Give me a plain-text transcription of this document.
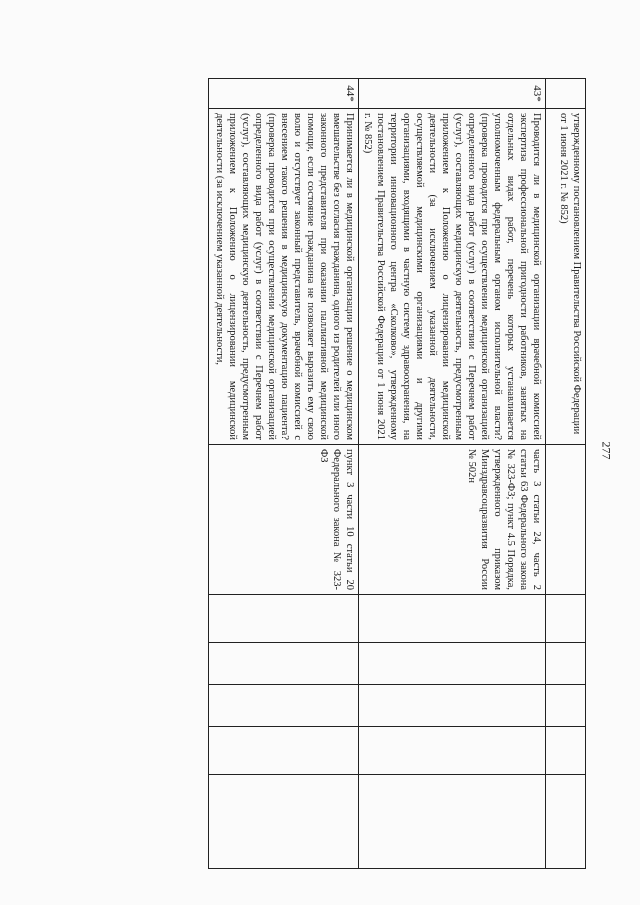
277
	утвержденному постановлением Правительства Российской Федерации от 1 июня 2021 г. № 852)						
43*	Проводится ли в медицинской организации врачебной комиссией экспертиза профессиональной пригодности работников, занятых на отдельных видах работ, перечень которых устанавливается уполномоченным федеральным органом исполнительной власти? (проверка проводится при осуществлении медицинской организацией определенного вида работ (услуг) в соответствии с Перечнем работ (услуг), составляющих медицинскую деятельность, предусмотренным приложением к Положению о лицензировании медицинской деятельности (за исключением указанной деятельности, осуществляемой медицинскими организациями и другими организациями, входящими в частную систему здравоохранения, на территории инновационного центра «Сколково», утвержденному постановлением Правительства Российской Федерации от 1 июня 2021 г. № 852)	часть 3 статьи 24, часть 2 статьи 63 Федерального закона № 323-ФЗ; пункт 4.5 Порядка, утвержденного приказом Минздравсоцразвития России № 502н					
44*	Принимается ли в медицинской организации решение о медицинском вмешательстве без согласия гражданина, одного из родителей или иного законного представителя при оказании паллиативной медицинской помощи, если состояние гражданина не позволяет выразить ему свою волю и отсутствует законный представитель, врачебной комиссией с внесением такого решения в медицинскую документацию пациента? (проверка проводится при осуществлении медицинской организацией определенного вида работ (услуг) в соответствии с Перечнем работ (услуг), составляющих медицинскую деятельность, предусмотренным приложением к Положению о лицензировании медицинской деятельности (за исключением указанной деятельности,	пункт 3 части 10 статьи 20 Федерального закона № 323-ФЗ					
